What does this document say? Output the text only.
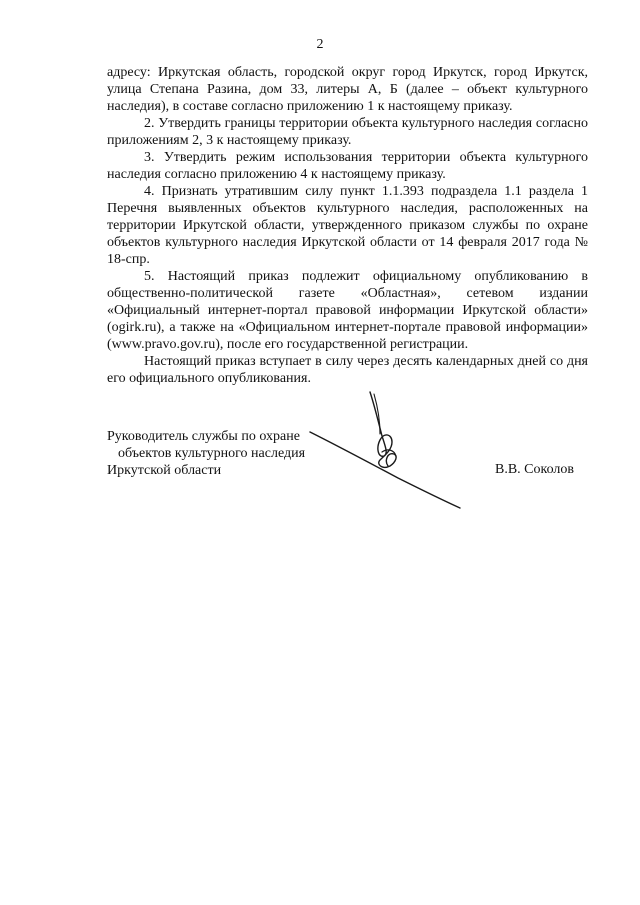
2

адресу: Иркутская область, городской округ город Иркутск, город Иркутск, улица Степана Разина, дом 33, литеры А, Б (далее – объект культурного наследия), в составе согласно приложению 1 к настоящему приказу.

2. Утвердить границы территории объекта культурного наследия согласно приложениям 2, 3 к настоящему приказу.

3. Утвердить режим использования территории объекта культурного наследия согласно приложению 4 к настоящему приказу.

4. Признать утратившим силу пункт 1.1.393 подраздела 1.1 раздела 1 Перечня выявленных объектов культурного наследия, расположенных на территории Иркутской области, утвержденного приказом службы по охране объектов культурного наследия Иркутской области от 14 февраля 2017 года № 18-спр.

5. Настоящий приказ подлежит официальному опубликованию в общественно-политической газете «Областная», сетевом издании «Официальный интернет-портал правовой информации Иркутской области» (ogirk.ru), а также на «Официальном интернет-портале правовой информации» (www.pravo.gov.ru), после его государственной регистрации.

Настоящий приказ вступает в силу через десять календарных дней со дня его официального опубликования.

Руководитель службы по охране
объектов культурного наследия
Иркутской области	В.В. Соколов
